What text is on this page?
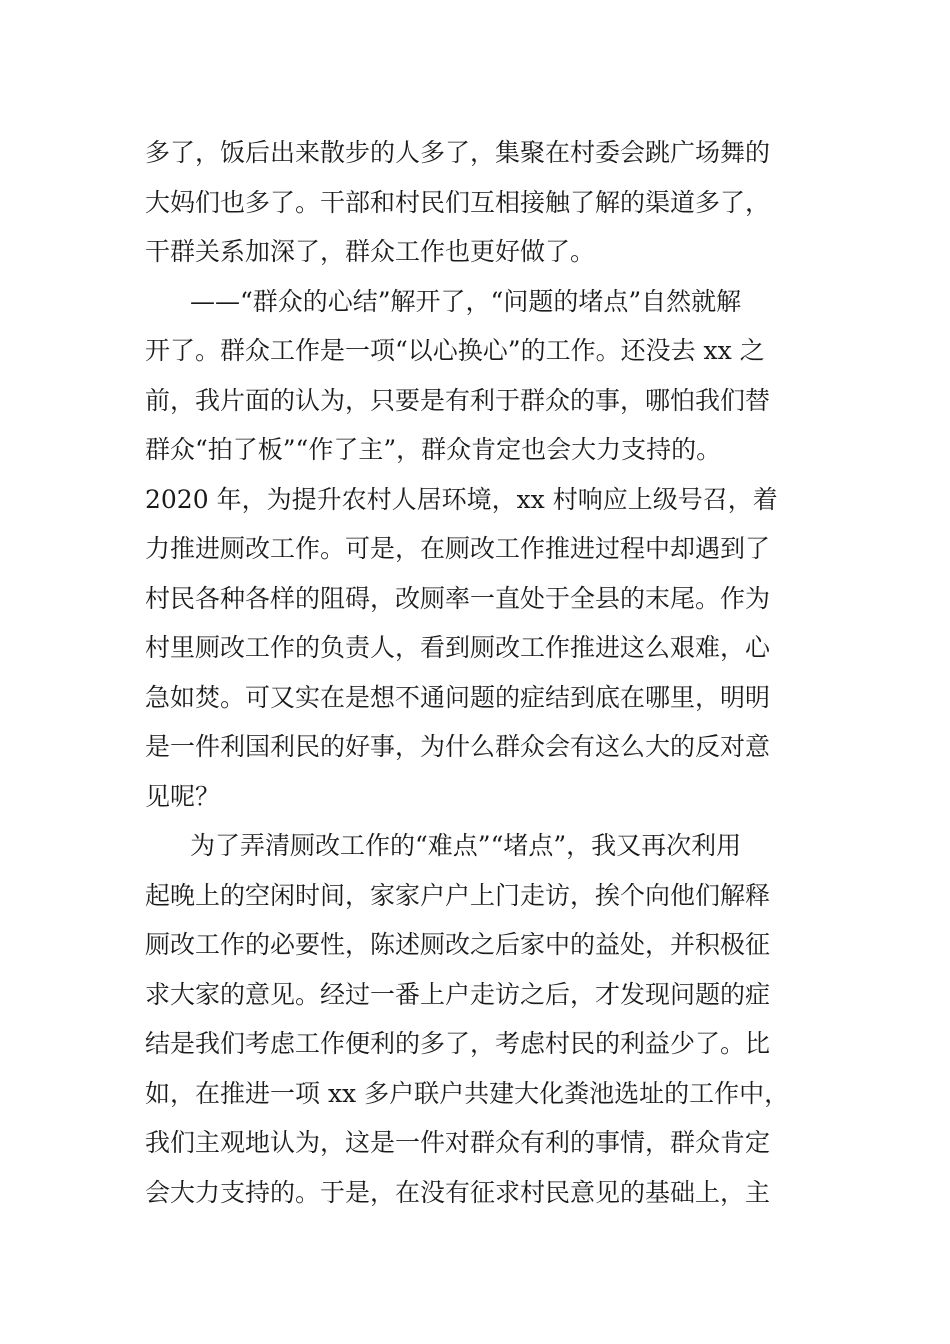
多了，饭后出来散步的人多了，集聚在村委会跳广场舞的
大妈们也多了。干部和村民们互相接触了解的渠道多了，
干群关系加深了，群众工作也更好做了。
——“群众的心结”解开了，“问题的堵点”自然就解
开了。群众工作是一项“以心换心”的工作。还没去 xx 之
前，我片面的认为，只要是有利于群众的事，哪怕我们替
群众“拍了板”“作了主”，群众肯定也会大力支持的。
2020 年，为提升农村人居环境，xx 村响应上级号召，着
力推进厕改工作。可是，在厕改工作推进过程中却遇到了
村民各种各样的阻碍，改厕率一直处于全县的末尾。作为
村里厕改工作的负责人，看到厕改工作推进这么艰难，心
急如焚。可又实在是想不通问题的症结到底在哪里，明明
是一件利国利民的好事，为什么群众会有这么大的反对意
见呢？
为了弄清厕改工作的“难点”“堵点”，我又再次利用
起晚上的空闲时间，家家户户上门走访，挨个向他们解释
厕改工作的必要性，陈述厕改之后家中的益处，并积极征
求大家的意见。经过一番上户走访之后，才发现问题的症
结是我们考虑工作便利的多了，考虑村民的利益少了。比
如，在推进一项 xx 多户联户共建大化粪池选址的工作中，
我们主观地认为，这是一件对群众有利的事情，群众肯定
会大力支持的。于是，在没有征求村民意见的基础上，主
